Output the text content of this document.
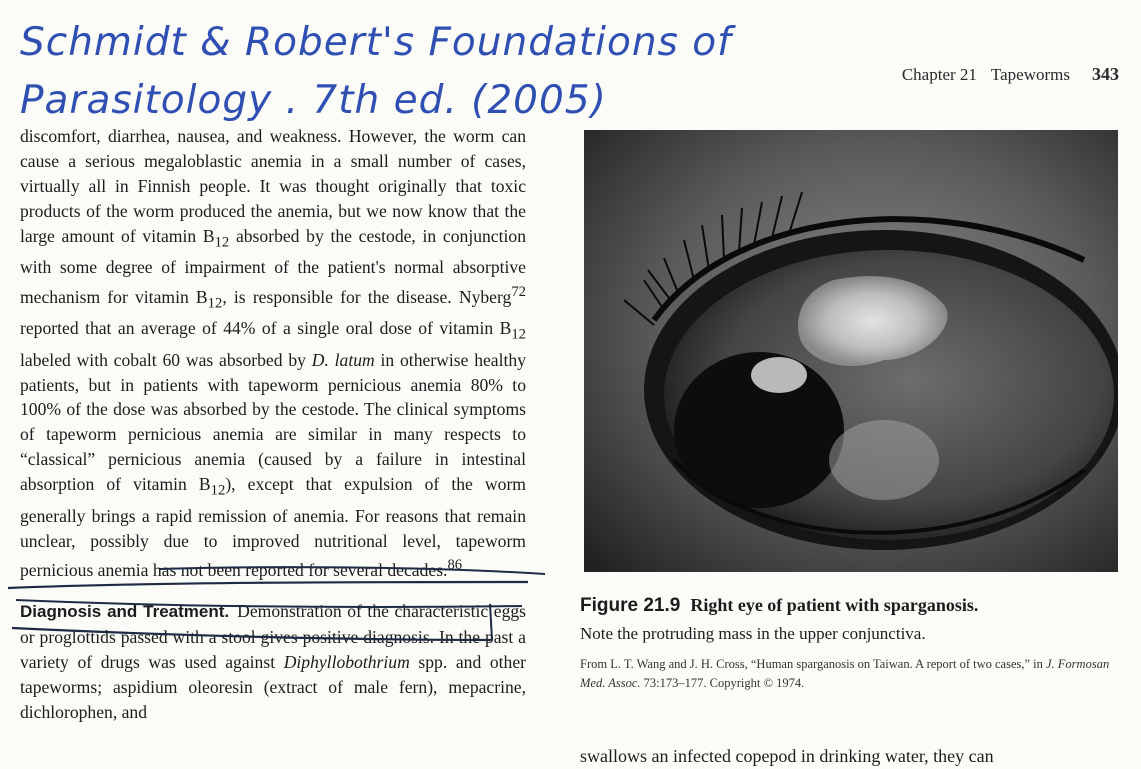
Schmidt & Robert's Foundations of
Parasitology . 7th ed. (2005)
Chapter 21 Tapeworms 343

discomfort, diarrhea, nausea, and weakness. However, the worm can cause a serious megaloblastic anemia in a small number of cases, virtually all in Finnish people. It was thought originally that toxic products of the worm produced the anemia, but we now know that the large amount of vitamin $B_{12}$ absorbed by the cestode, in conjunction with some degree of impairment of the patient's normal absorptive mechanism for vitamin $B_{12}$, is responsible for the disease. Nyberg$^{72}$ reported that an average of 44% of a single oral dose of vitamin $B_{12}$ labeled with cobalt 60 was absorbed by D. latum in otherwise healthy patients, but in patients with tapeworm pernicious anemia 80% to 100% of the dose was absorbed by the cestode. The clinical symptoms of tapeworm pernicious anemia are similar in many respects to “classical” pernicious anemia (caused by a failure in intestinal absorption of vitamin $B_{12}$), except that expulsion of the worm generally brings a rapid remission of anemia. For reasons that remain unclear, possibly due to improved nutritional level, tapeworm pernicious anemia has not been reported for several decades.$^{86}$

Diagnosis and Treatment. Demonstration of the characteristic eggs or proglottids passed with a stool gives positive diagnosis. In the past a variety of drugs was used against Diphyllobothrium spp. and other tapeworms; aspidium oleoresin (extract of male fern), mepacrine, dichlorophen, and

Figure 21.9 Right eye of patient with sparganosis.
Note the protruding mass in the upper conjunctiva.
From L. T. Wang and J. H. Cross, “Human sparganosis on Taiwan. A report of two cases,” in J. Formosan Med. Assoc. 73:173–177. Copyright © 1974.
swallows an infected copepod in drinking water, they can
